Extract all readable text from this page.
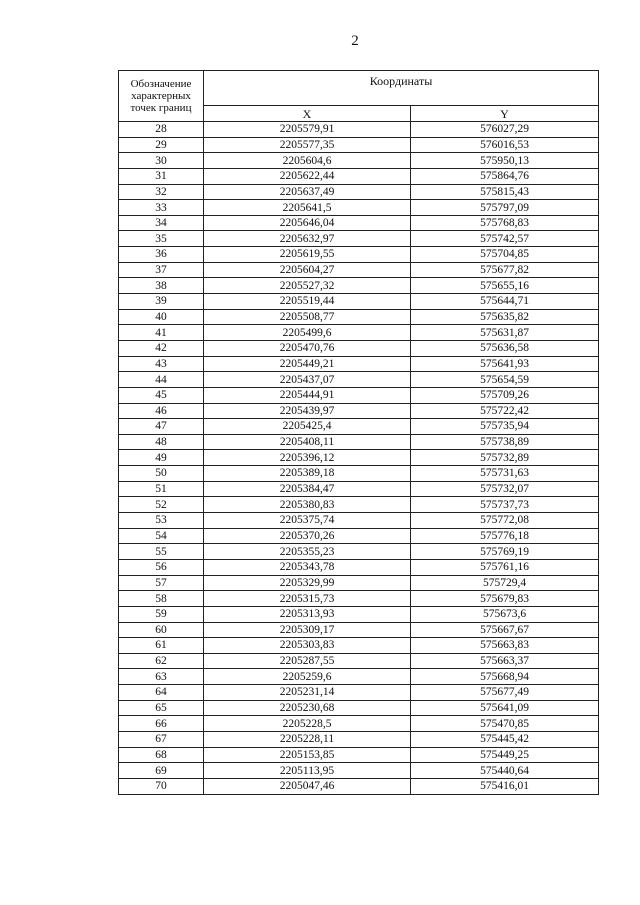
2
Обозначение характерных точек границ	Координаты	
	X	Y
28	2205579,91	576027,29
29	2205577,35	576016,53
30	2205604,6	575950,13
31	2205622,44	575864,76
32	2205637,49	575815,43
33	2205641,5	575797,09
34	2205646,04	575768,83
35	2205632,97	575742,57
36	2205619,55	575704,85
37	2205604,27	575677,82
38	2205527,32	575655,16
39	2205519,44	575644,71
40	2205508,77	575635,82
41	2205499,6	575631,87
42	2205470,76	575636,58
43	2205449,21	575641,93
44	2205437,07	575654,59
45	2205444,91	575709,26
46	2205439,97	575722,42
47	2205425,4	575735,94
48	2205408,11	575738,89
49	2205396,12	575732,89
50	2205389,18	575731,63
51	2205384,47	575732,07
52	2205380,83	575737,73
53	2205375,74	575772,08
54	2205370,26	575776,18
55	2205355,23	575769,19
56	2205343,78	575761,16
57	2205329,99	575729,4
58	2205315,73	575679,83
59	2205313,93	575673,6
60	2205309,17	575667,67
61	2205303,83	575663,83
62	2205287,55	575663,37
63	2205259,6	575668,94
64	2205231,14	575677,49
65	2205230,68	575641,09
66	2205228,5	575470,85
67	2205228,11	575445,42
68	2205153,85	575449,25
69	2205113,95	575440,64
70	2205047,46	575416,01
